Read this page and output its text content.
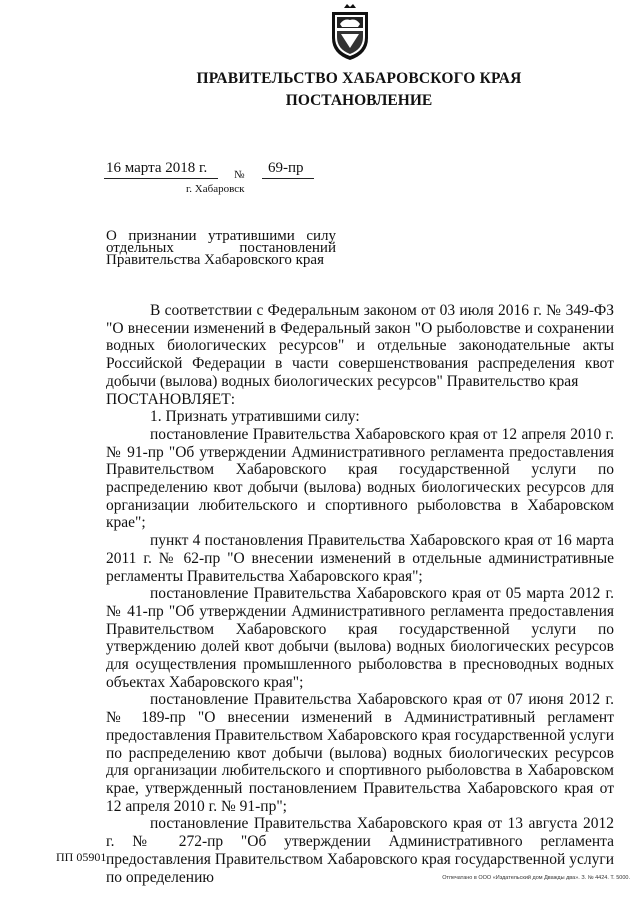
ПРАВИТЕЛЬСТВО ХАБАРОВСКОГО КРАЯ
ПОСТАНОВЛЕНИЕ
16 марта 2018 г. № 69-пр
г. Хабаровск
О признании утратившими силу отдельных постановлений Правительства Хабаровского края

В соответствии с Федеральным законом от 03 июля 2016 г. № 349-ФЗ "О внесении изменений в Федеральный закон "О рыболовстве и сохранении водных биологических ресурсов" и отдельные законодательные акты Российской Федерации в части совершенствования распределения квот добычи (вылова) водных биологических ресурсов" Правительство края

ПОСТАНОВЛЯЕТ:

1. Признать утратившими силу:

постановление Правительства Хабаровского края от 12 апреля 2010 г. № 91-пр "Об утверждении Административного регламента предоставления Правительством Хабаровского края государственной услуги по распределению квот добычи (вылова) водных биологических ресурсов для организации любительского и спортивного рыболовства в Хабаровском крае";

пункт 4 постановления Правительства Хабаровского края от 16 марта 2011 г. № 62-пр "О внесении изменений в отдельные административные регламенты Правительства Хабаровского края";

постановление Правительства Хабаровского края от 05 марта 2012 г. № 41-пр "Об утверждении Административного регламента предоставления Правительством Хабаровского края государственной услуги по утверждению долей квот добычи (вылова) водных биологических ресурсов для осуществления промышленного рыболовства в пресноводных водных объектах Хабаровского края";

постановление Правительства Хабаровского края от 07 июня 2012 г. № 189-пр "О внесении изменений в Административный регламент предоставления Правительством Хабаровского края государственной услуги по распределению квот добычи (вылова) водных биологических ресурсов для организации любительского и спортивного рыболовства в Хабаровском крае, утвержденный постановлением Правительства Хабаровского края от 12 апреля 2010 г. № 91-пр";

постановление Правительства Хабаровского края от 13 августа 2012 г. № 272-пр "Об утверждении Административного регламента предоставления Правительством Хабаровского края государственной услуги по определению

ПП 05901
Отпечатано в ООО «Издательский дом Дважды два». З. № 4424. Т. 5000.
